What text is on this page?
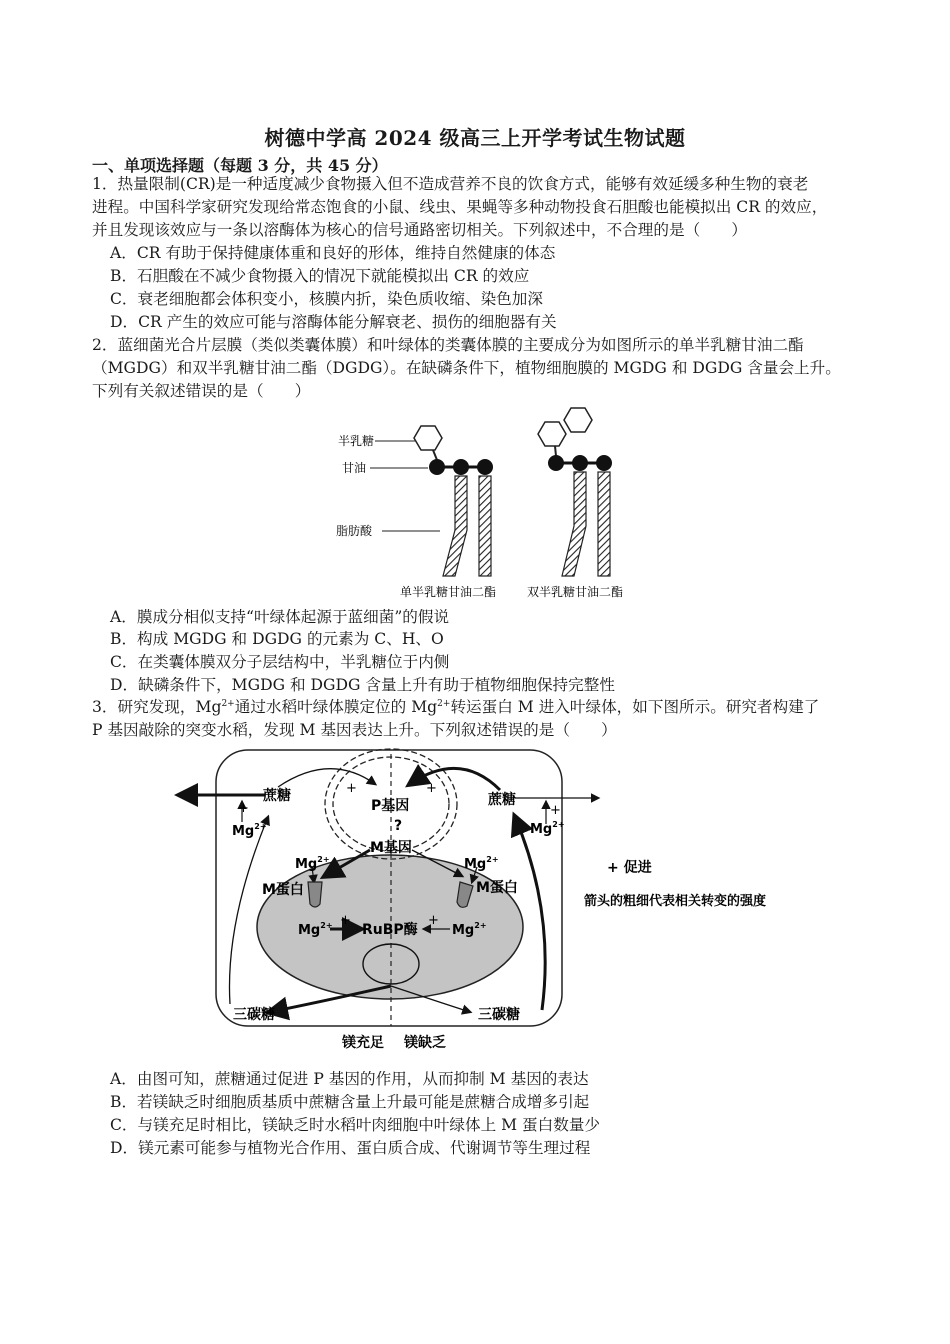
树德中学高 2024 级高三上开学考试生物试题
一、单项选择题（每题 3 分，共 45 分）
1．热量限制(CR)是一种适度减少食物摄入但不造成营养不良的饮食方式，能够有效延缓多种生物的衰老
进程。中国科学家研究发现给常态饱食的小鼠、线虫、果蝇等多种动物投食石胆酸也能模拟出 CR 的效应，
并且发现该效应与一条以溶酶体为核心的信号通路密切相关。下列叙述中，不合理的是（　　）
A．CR 有助于保持健康体重和良好的形体，维持自然健康的体态
B．石胆酸在不减少食物摄入的情况下就能模拟出 CR 的效应
C．衰老细胞都会体积变小，核膜内折，染色质收缩、染色加深
D．CR 产生的效应可能与溶酶体能分解衰老、损伤的细胞器有关
2．蓝细菌光合片层膜（类似类囊体膜）和叶绿体的类囊体膜的主要成分为如图所示的单半乳糖甘油二酯
（MGDG）和双半乳糖甘油二酯（DGDG）。在缺磷条件下，植物细胞膜的 MGDG 和 DGDG 含量会上升。
下列有关叙述错误的是（　　）
半乳糖
甘油
脂肪酸
单半乳糖甘油二酯	双半乳糖甘油二酯
A．膜成分相似支持“叶绿体起源于蓝细菌”的假说
B．构成 MGDG 和 DGDG 的元素为 C、H、O
C．在类囊体膜双分子层结构中，半乳糖位于内侧
D．缺磷条件下，MGDG 和 DGDG 含量上升有助于植物细胞保持完整性
3．研究发现，$Mg^{2+}$通过水稻叶绿体膜定位的 $Mg^{2+}$转运蛋白 M 进入叶绿体，如下图所示。研究者构建了
P 基因敲除的突变水稻，发现 M 基因表达上升。下列叙述错误的是（　　）
蔗糖	蔗糖
+	+
$Mg^{2+}$	$Mg^{2+}$
+	+
P基因
?
M基因
$Mg^{2+}$	$Mg^{2+}$
M蛋白	M蛋白
$Mg^{2+}$	$Mg^{2+}$
+	+
RuBP酶
三碳糖	三碳糖
镁充足 镁缺乏
+ 促进
箭头的粗细代表相关转变的强度
A．由图可知，蔗糖通过促进 P 基因的作用，从而抑制 M 基因的表达
B．若镁缺乏时细胞质基质中蔗糖含量上升最可能是蔗糖合成增多引起
C．与镁充足时相比，镁缺乏时水稻叶肉细胞中叶绿体上 M 蛋白数量少
D．镁元素可能参与植物光合作用、蛋白质合成、代谢调节等生理过程
